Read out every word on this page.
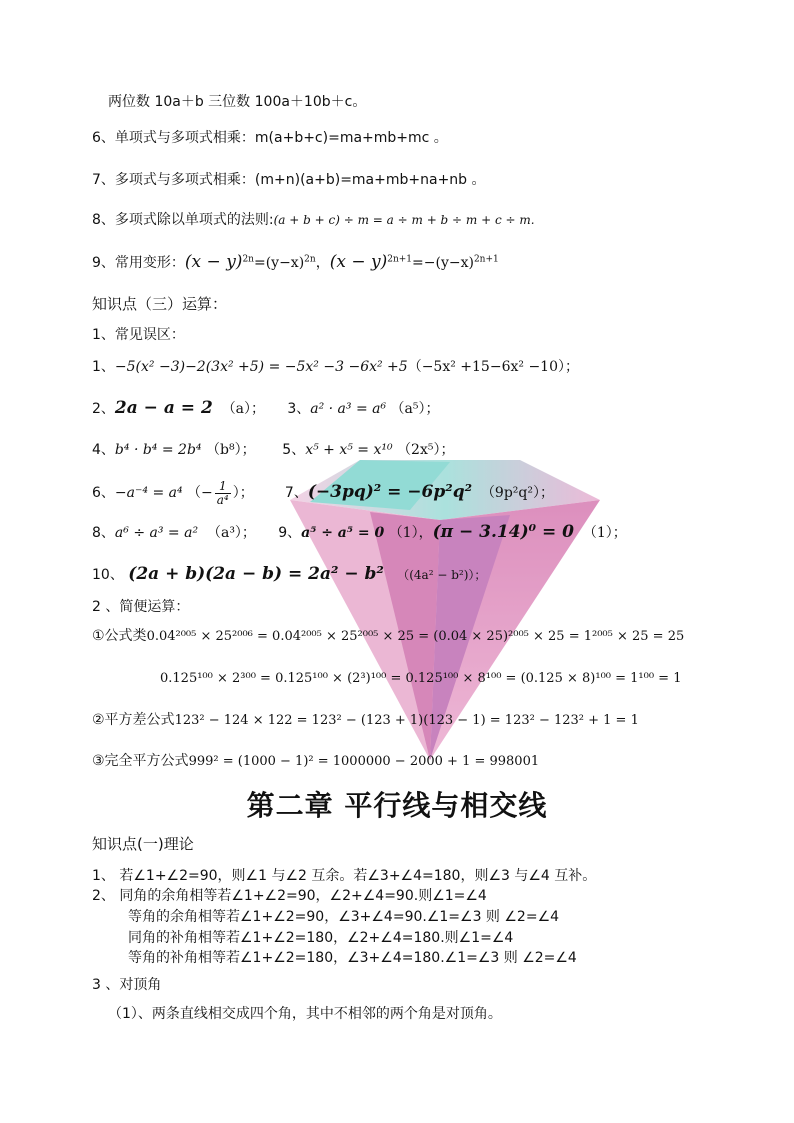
两位数 10a＋b 三位数 100a＋10b＋c。
6、单项式与多项式相乘：m(a+b+c)=ma+mb+mc 。
7、多项式与多项式相乘：(m+n)(a+b)=ma+mb+na+nb 。
8、多项式除以单项式的法则:(a + b + c) ÷ m = a ÷ m + b ÷ m + c ÷ m.
9、常用变形：$(x - y)^{2n}=(y-x)^{2n}$，$(x - y)^{2n+1}=-(y-x)^{2n+1}$
知识点（三）运算：
1、常见误区：
1、−5(x² −3)−2(3x² +5) = −5x² −3 −6x² +5（−5x² +15−6x² −10）；
2、2a − a = 2 （a）； 3、a² · a³ = a⁶ （a⁵）；
4、b⁴ · b⁴ = 2b⁴ （b⁸）； 5、x⁵ + x⁵ = x¹⁰ （2x⁵）；
6、−a⁻⁴ = a⁴ （− $\frac{1}{\text{a⁴}}$ ）； 7、(−3pq)² = −6p²q² （9p²q²）；
8、a⁶ ÷ a³ = a² （a³）； 9、a⁵ ÷ a⁵ = 0 （1），(π − 3.14)⁰ = 0 （1）；
10、 (2a + b)(2a − b) = 2a² − b² （(4a² − b²)）；
2 、简便运算：
①公式类0.04²⁰⁰⁵ × 25²⁰⁰⁶ = 0.04²⁰⁰⁵ × 25²⁰⁰⁵ × 25 = (0.04 × 25)²⁰⁰⁵ × 25 = 1²⁰⁰⁵ × 25 = 25
0.125¹⁰⁰ × 2³⁰⁰ = 0.125¹⁰⁰ × (2³)¹⁰⁰ = 0.125¹⁰⁰ × 8¹⁰⁰ = (0.125 × 8)¹⁰⁰ = 1¹⁰⁰ = 1
②平方差公式123² − 124 × 122 = 123² − (123 + 1)(123 − 1) = 123² − 123² + 1 = 1
③完全平方公式999² = (1000 − 1)² = 1000000 − 2000 + 1 = 998001
第二章 平行线与相交线
知识点(一)理论
1、 若∠1+∠2=90，则∠1 与∠2 互余。若∠3+∠4=180，则∠3 与∠4 互补。
2、 同角的余角相等若∠1+∠2=90，∠2+∠4=90.则∠1=∠4
等角的余角相等若∠1+∠2=90，∠3+∠4=90.∠1=∠3 则 ∠2=∠4
同角的补角相等若∠1+∠2=180，∠2+∠4=180.则∠1=∠4
等角的补角相等若∠1+∠2=180，∠3+∠4=180.∠1=∠3 则 ∠2=∠4
3 、对顶角
（1）、两条直线相交成四个角，其中不相邻的两个角是对顶角。
